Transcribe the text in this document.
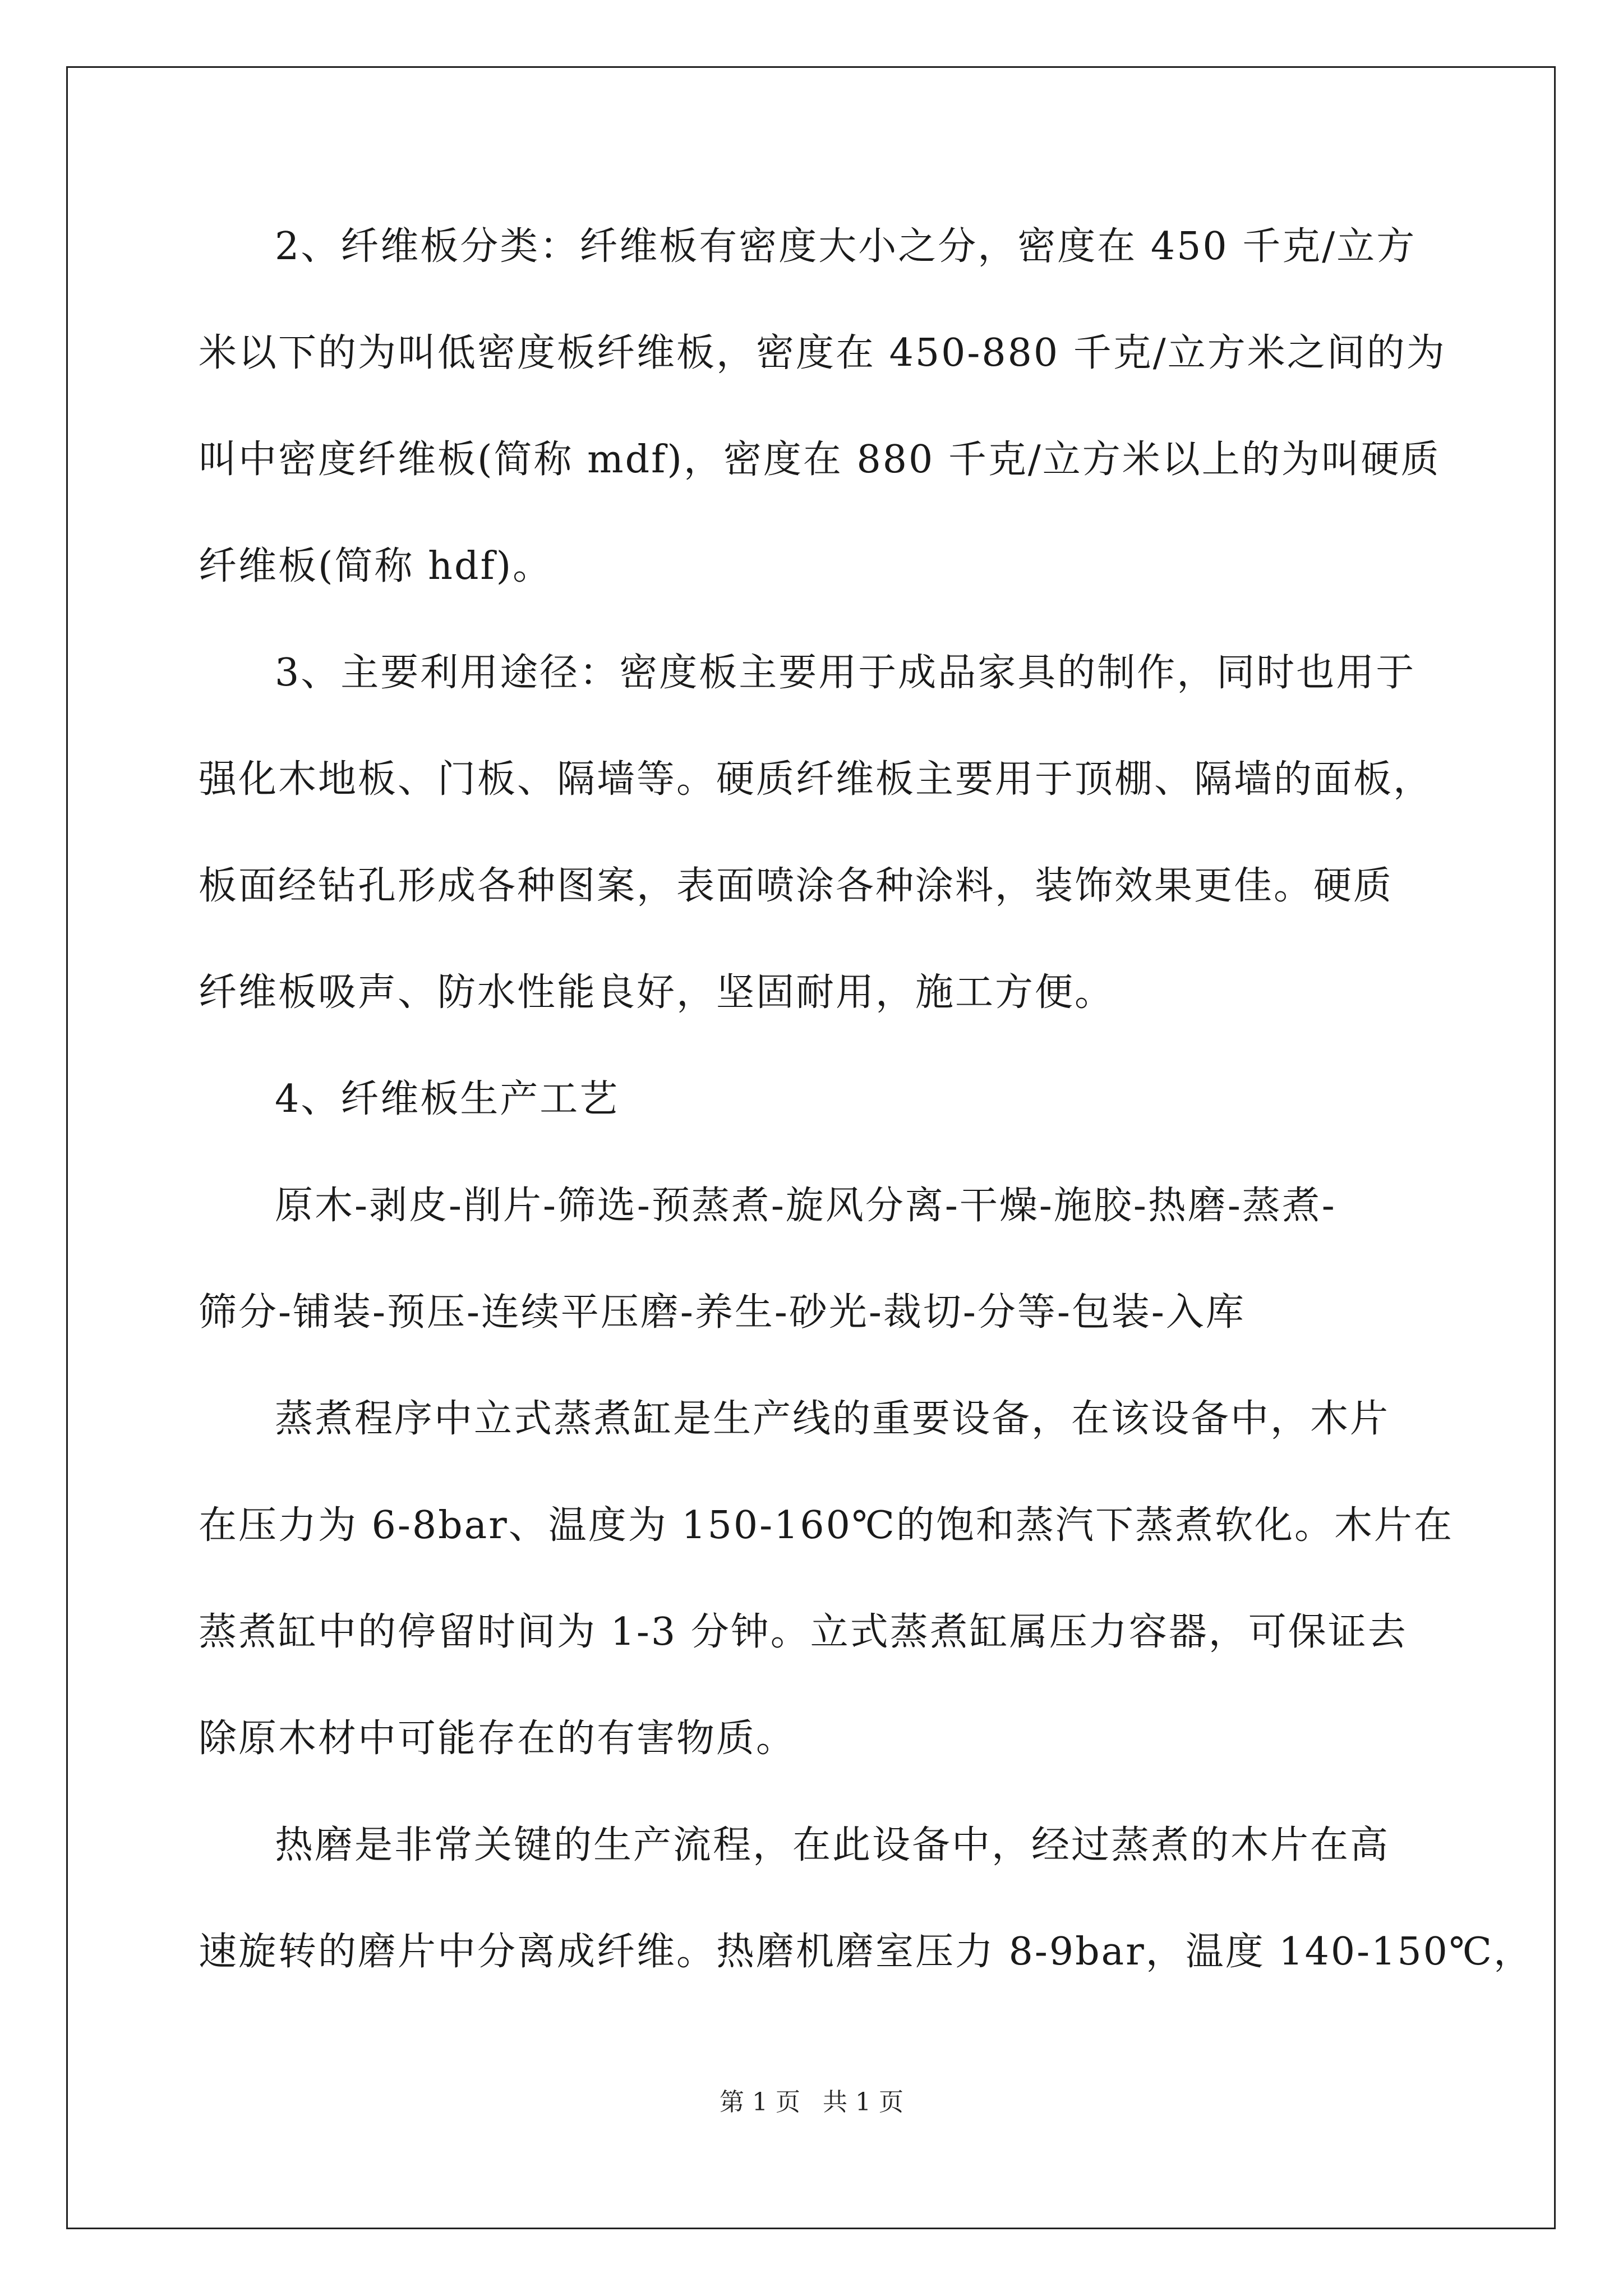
2、纤维板分类：纤维板有密度大小之分，密度在 450 千克/立方
米以下的为叫低密度板纤维板，密度在 450-880 千克/立方米之间的为
叫中密度纤维板(简称 mdf)，密度在 880 千克/立方米以上的为叫硬质
纤维板(简称 hdf)。
3、主要利用途径：密度板主要用于成品家具的制作，同时也用于
强化木地板、门板、隔墙等。硬质纤维板主要用于顶棚、隔墙的面板，
板面经钻孔形成各种图案，表面喷涂各种涂料，装饰效果更佳。硬质
纤维板吸声、防水性能良好，坚固耐用，施工方便。
4、纤维板生产工艺
原木-剥皮-削片-筛选-预蒸煮-旋风分离-干燥-施胶-热磨-蒸煮-
筛分-铺装-预压-连续平压磨-养生-砂光-裁切-分等-包装-入库
蒸煮程序中立式蒸煮缸是生产线的重要设备，在该设备中，木片
在压力为 6-8bar、温度为 150-160℃的饱和蒸汽下蒸煮软化。木片在
蒸煮缸中的停留时间为 1-3 分钟。立式蒸煮缸属压力容器，可保证去
除原木材中可能存在的有害物质。
热磨是非常关键的生产流程，在此设备中，经过蒸煮的木片在高
速旋转的磨片中分离成纤维。热磨机磨室压力 8-9bar，温度 140-150℃，
第 1 页 共 1 页
